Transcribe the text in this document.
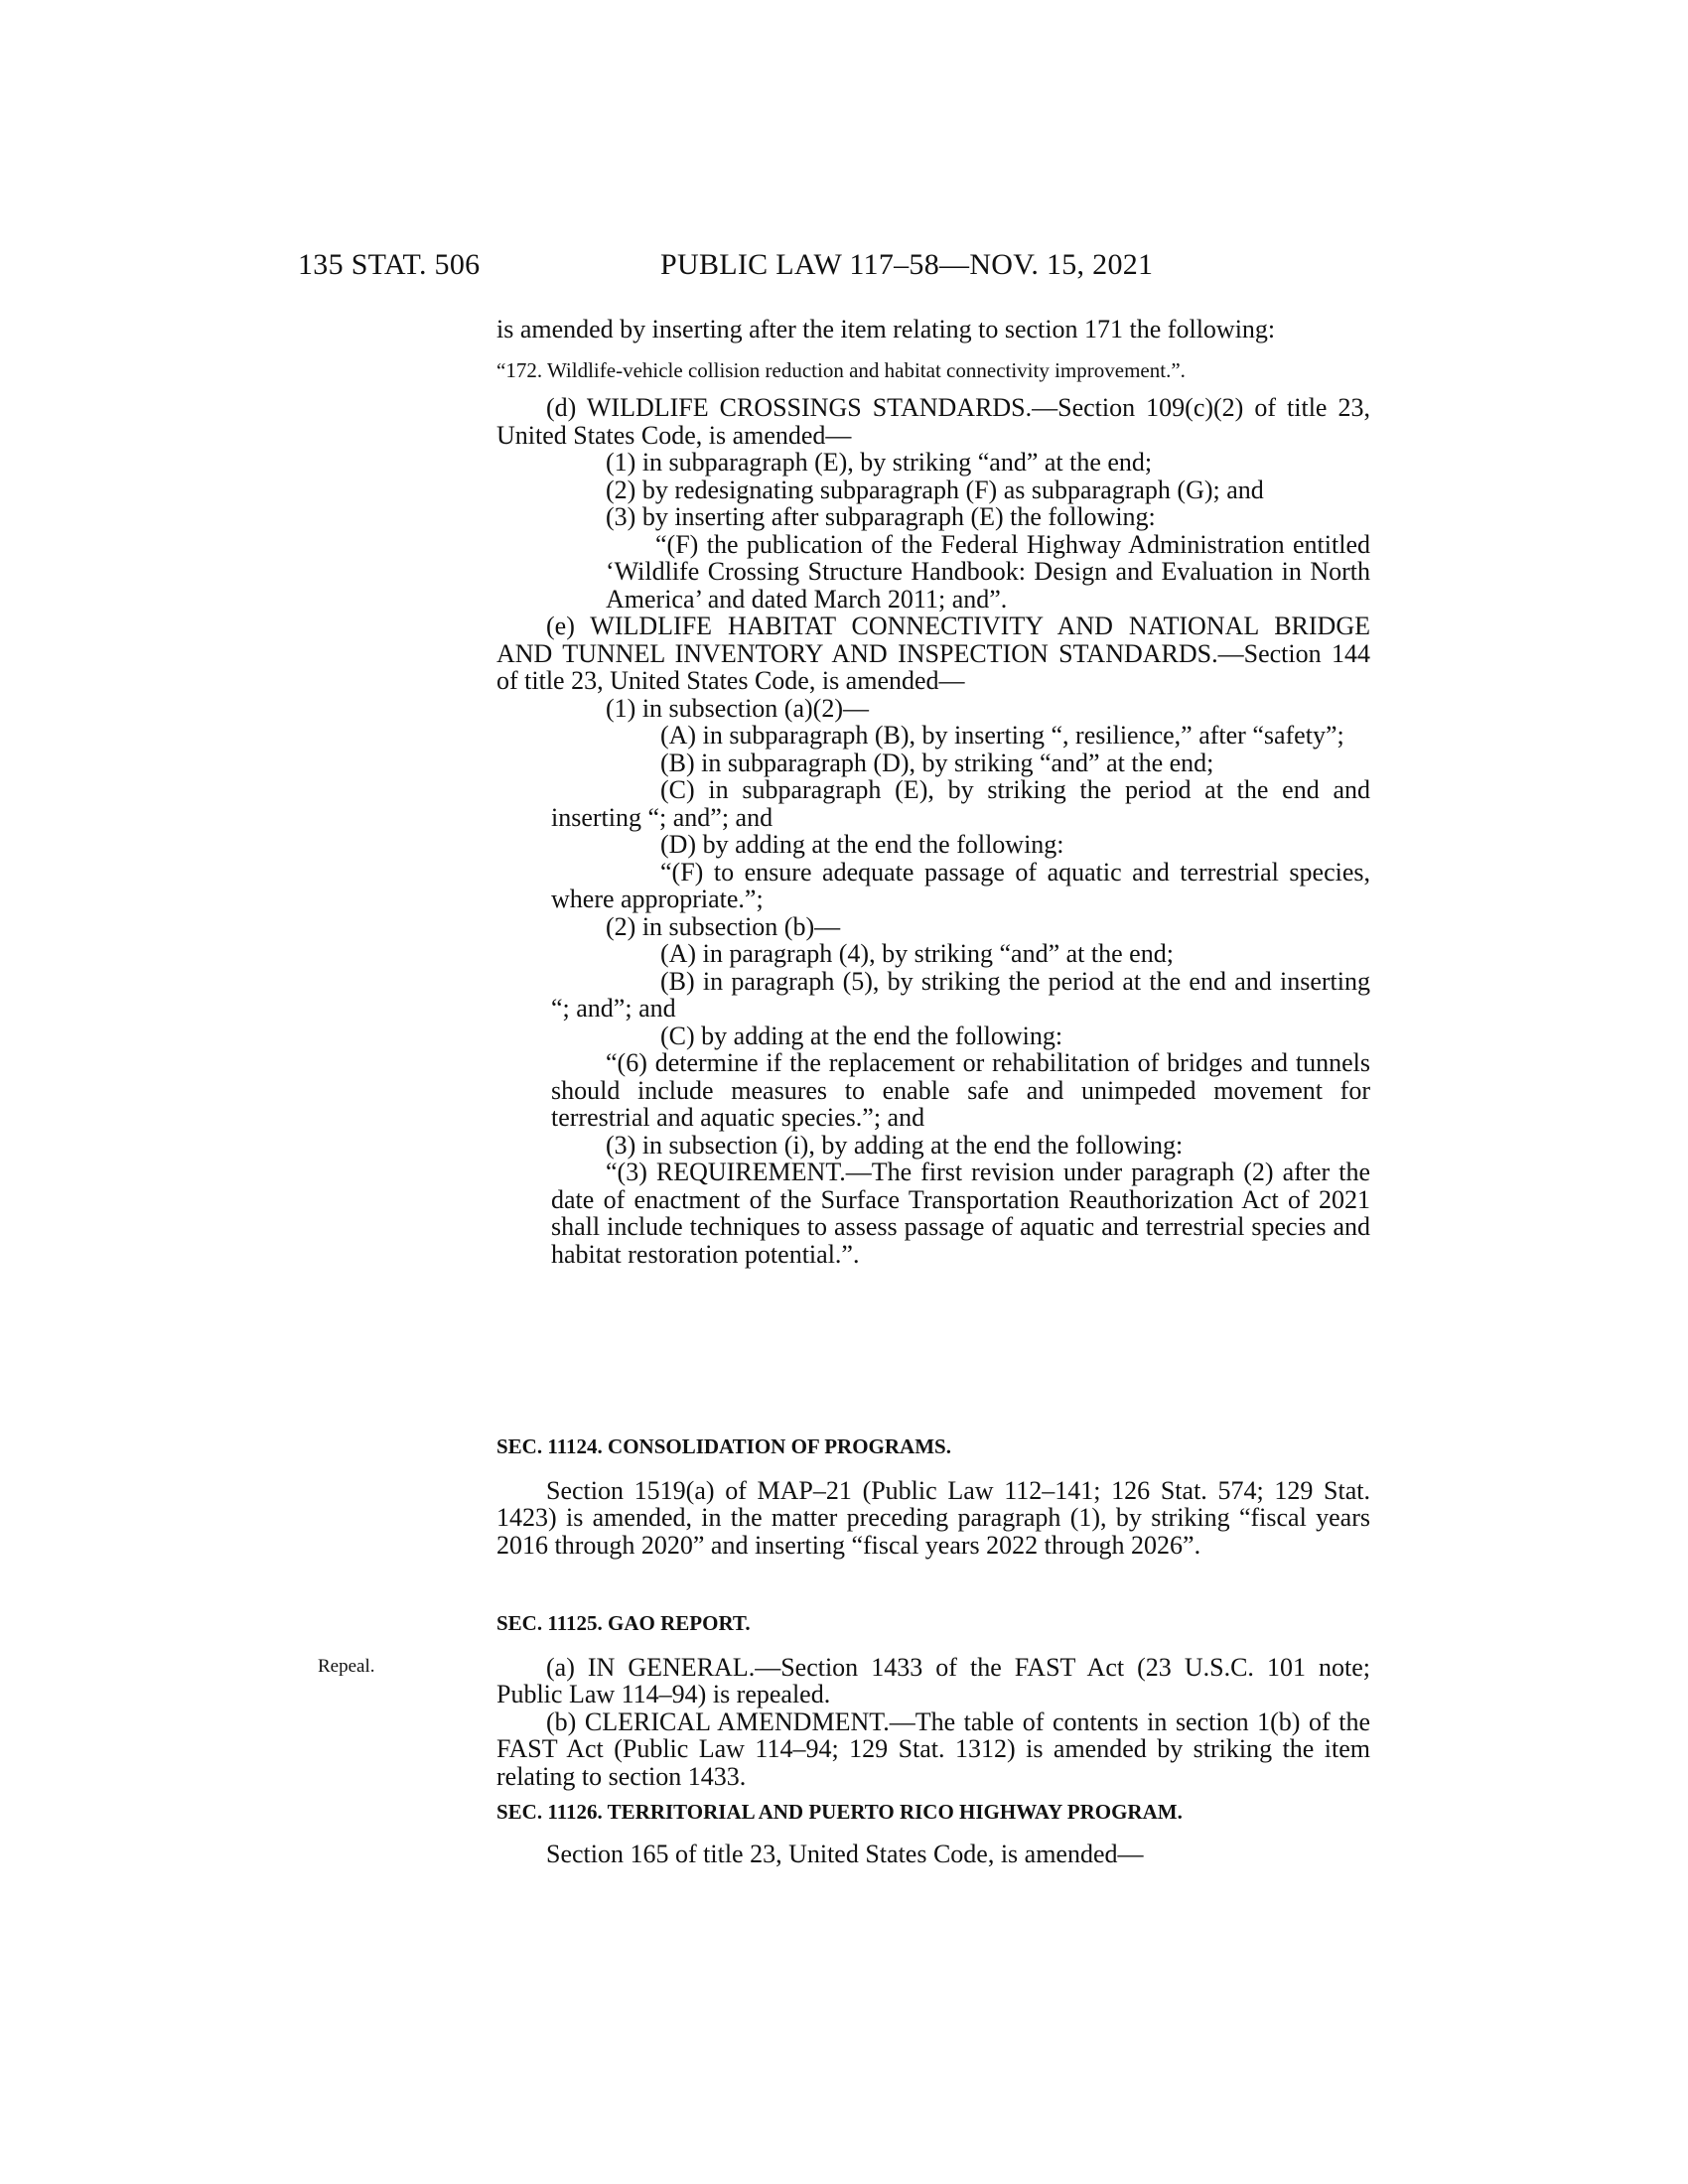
135 STAT. 506	PUBLIC LAW 117–58—NOV. 15, 2021

is amended by inserting after the item relating to section 171 the following:

“172. Wildlife-vehicle collision reduction and habitat connectivity improvement.”.

(d) WILDLIFE CROSSINGS STANDARDS.—Section 109(c)(2) of title 23, United States Code, is amended—

(1) in subparagraph (E), by striking “and” at the end;

(2) by redesignating subparagraph (F) as subparagraph (G); and

(3) by inserting after subparagraph (E) the following:

“(F) the publication of the Federal Highway Administration entitled ‘Wildlife Crossing Structure Handbook: Design and Evaluation in North America’ and dated March 2011; and”.

(e) WILDLIFE HABITAT CONNECTIVITY AND NATIONAL BRIDGE AND TUNNEL INVENTORY AND INSPECTION STANDARDS.—Section 144 of title 23, United States Code, is amended—

(1) in subsection (a)(2)—

(A) in subparagraph (B), by inserting “, resilience,” after “safety”;

(B) in subparagraph (D), by striking “and” at the end;

(C) in subparagraph (E), by striking the period at the end and inserting “; and”; and

(D) by adding at the end the following:

“(F) to ensure adequate passage of aquatic and terrestrial species, where appropriate.”;

(2) in subsection (b)—

(A) in paragraph (4), by striking “and” at the end;

(B) in paragraph (5), by striking the period at the end and inserting “; and”; and

(C) by adding at the end the following:

“(6) determine if the replacement or rehabilitation of bridges and tunnels should include measures to enable safe and unimpeded movement for terrestrial and aquatic species.”; and

(3) in subsection (i), by adding at the end the following:

“(3) REQUIREMENT.—The first revision under paragraph (2) after the date of enactment of the Surface Transportation Reauthorization Act of 2021 shall include techniques to assess passage of aquatic and terrestrial species and habitat restoration potential.”.

SEC. 11124. CONSOLIDATION OF PROGRAMS.

Section 1519(a) of MAP–21 (Public Law 112–141; 126 Stat. 574; 129 Stat. 1423) is amended, in the matter preceding paragraph (1), by striking “fiscal years 2016 through 2020” and inserting “fiscal years 2022 through 2026”.

SEC. 11125. GAO REPORT.

(a) IN GENERAL.—Section 1433 of the FAST Act (23 U.S.C. 101 note; Public Law 114–94) is repealed.

(b) CLERICAL AMENDMENT.—The table of contents in section 1(b) of the FAST Act (Public Law 114–94; 129 Stat. 1312) is amended by striking the item relating to section 1433.

Repeal.

SEC. 11126. TERRITORIAL AND PUERTO RICO HIGHWAY PROGRAM.

Section 165 of title 23, United States Code, is amended—
